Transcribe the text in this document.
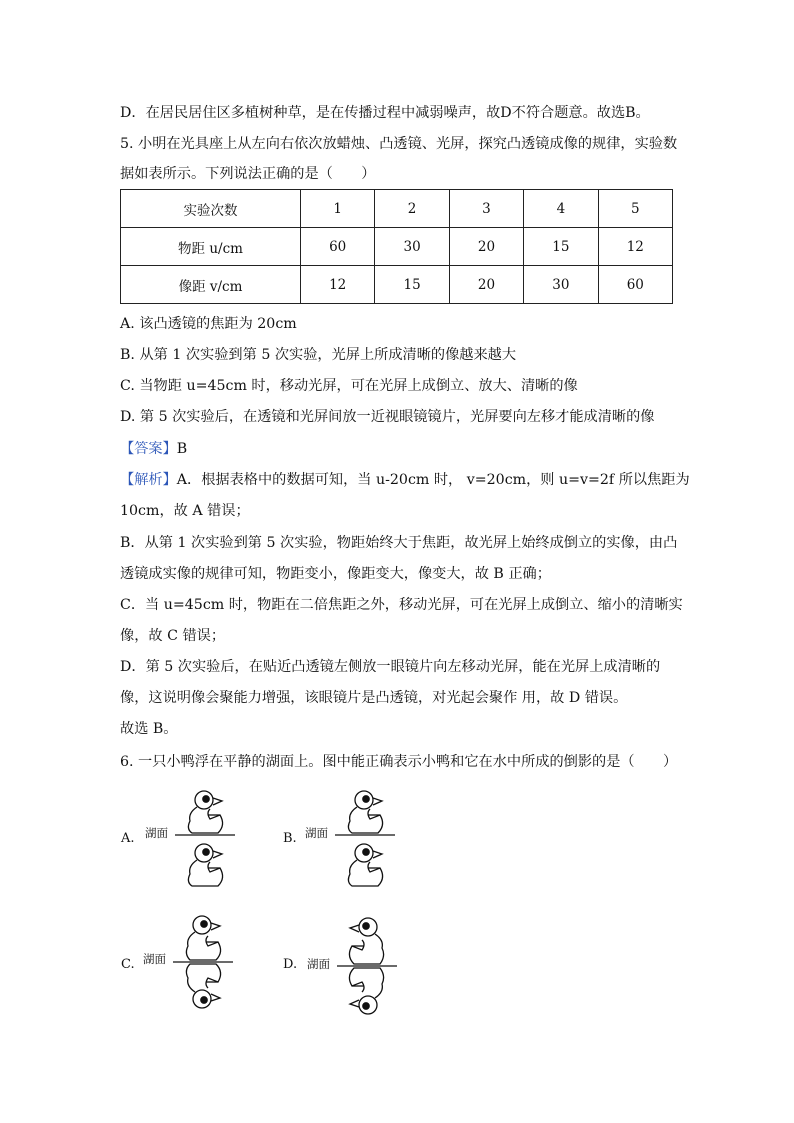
D．在居民居住区多植树种草，是在传播过程中减弱噪声，故D不符合题意。故选B。
5. 小明在光具座上从左向右依次放蜡烛、凸透镜、光屏，探究凸透镜成像的规律，实验数
据如表所示。下列说法正确的是（　　）
实验次数	1	2	3	4	5
物距 u/cm	60	30	20	15	12
像距 v/cm	12	15	20	30	60
A. 该凸透镜的焦距为 20cm
B. 从第 1 次实验到第 5 次实验，光屏上所成清晰的像越来越大
C. 当物距 u=45cm 时，移动光屏，可在光屏上成倒立、放大、清晰的像
D. 第 5 次实验后，在透镜和光屏间放一近视眼镜镜片，光屏要向左移才能成清晰的像
【答案】B
【解析】A．根据表格中的数据可知，当 u-20cm 时， v=20cm，则 u=v=2f 所以焦距为
10cm，故 A 错误；
B．从第 1 次实验到第 5 次实验，物距始终大于焦距，故光屏上始终成倒立的实像，由凸
透镜成实像的规律可知，物距变小，像距变大，像变大，故 B 正确；
C．当 u=45cm 时，物距在二倍焦距之外，移动光屏，可在光屏上成倒立、缩小的清晰实
像，故 C 错误；
D．第 5 次实验后，在贴近凸透镜左侧放一眼镜片向左移动光屏，能在光屏上成清晰的
像，这说明像会聚能力增强，该眼镜片是凸透镜，对光起会聚作 用，故 D 错误。
故选 B。
6. 一只小鸭浮在平静的湖面上。图中能正确表示小鸭和它在水中所成的倒影的是（　　）
A. 湖面	B. 湖面
C. 湖面	D. 湖面
